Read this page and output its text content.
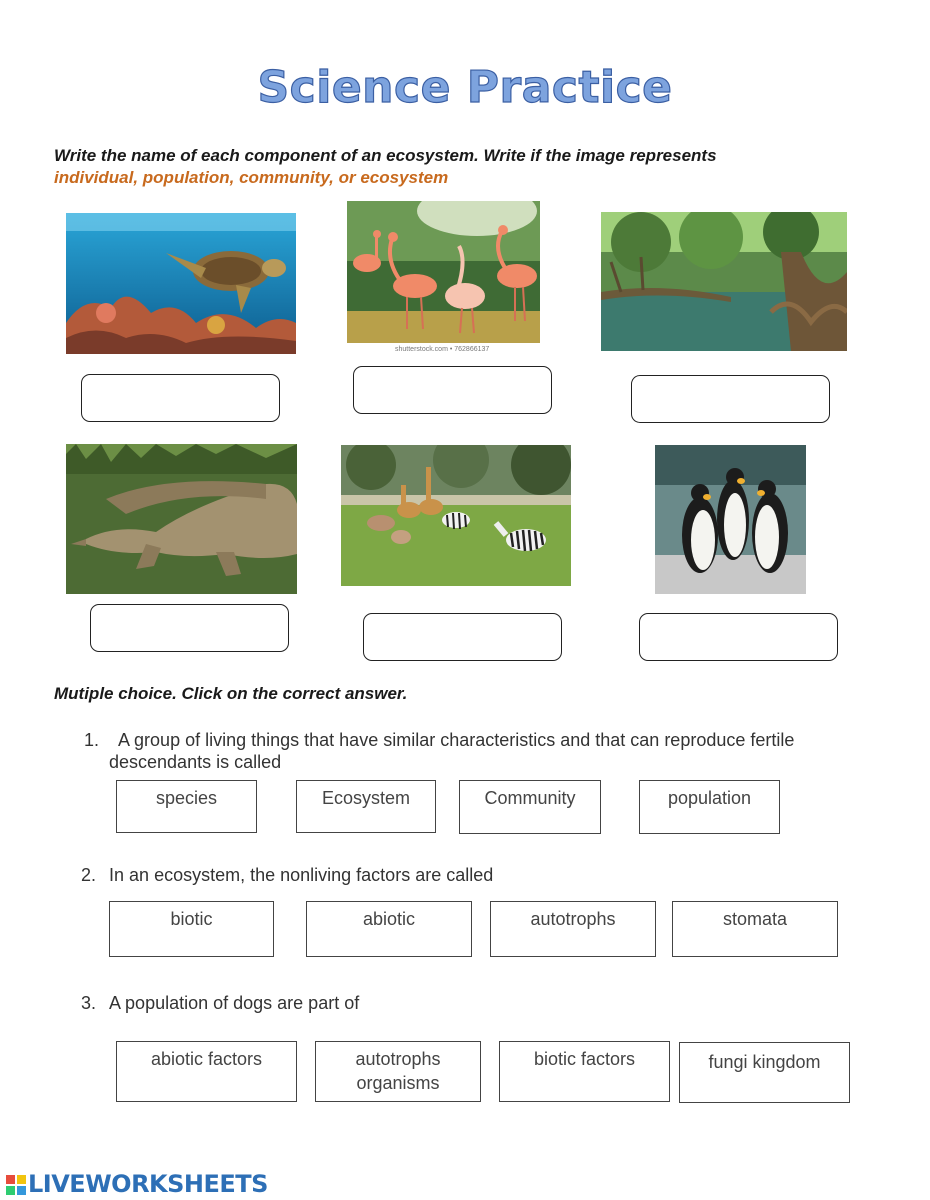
Science Practice
Write the name of each component of an ecosystem. Write if the image represents
individual, population, community, or ecosystem
shutterstock.com • 762866137
Mutiple choice. Click on the correct answer.
1. A group of living things that have similar characteristics and that can reproduce fertile
descendants is called
species	Ecosystem	Community	population
2. In an ecosystem, the nonliving factors are called
biotic	abiotic	autotrophs	stomata
3. A population of dogs are part of
abiotic factors	autotrophs organisms
biotic factors	fungi kingdom
LIVEWORKSHEETS
